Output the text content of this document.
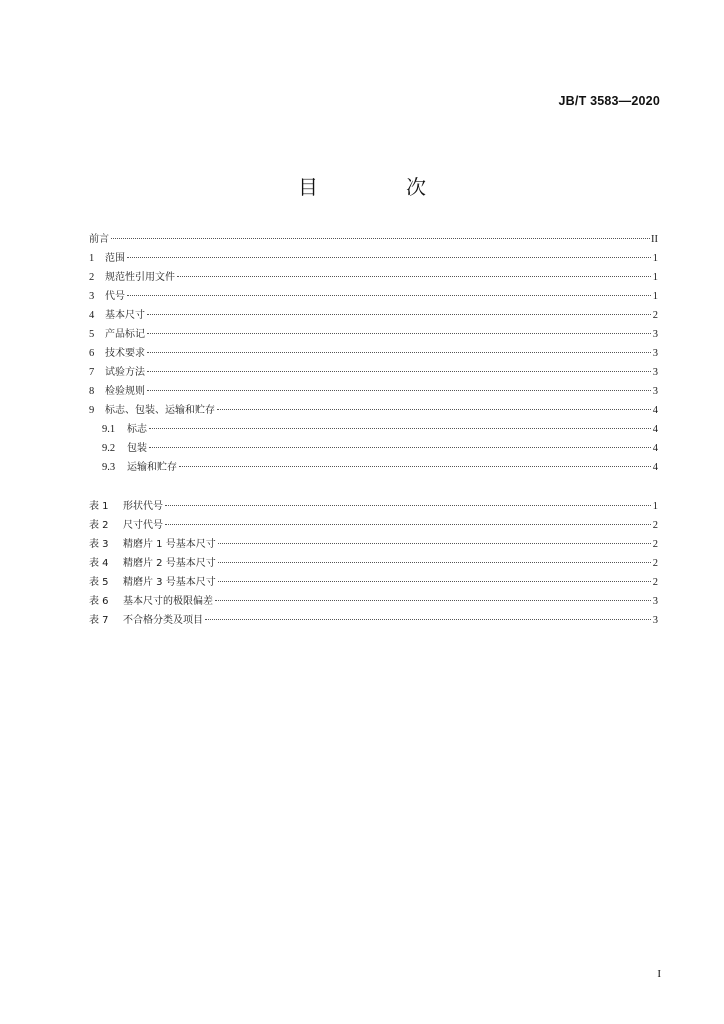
JB/T 3583—2020
目　次
前言	II
1	范围	1
2	规范性引用文件	1
3	代号	1
4	基本尺寸	2
5	产品标记	3
6	技术要求	3
7	试验方法	3
8	检验规则	3
9	标志、包装、运输和贮存	4
9.1	标志	4
9.2	包装	4
9.3	运输和贮存	4
表 1	形状代号	1
表 2	尺寸代号	2
表 3	精磨片 1 号基本尺寸	2
表 4	精磨片 2 号基本尺寸	2
表 5	精磨片 3 号基本尺寸	2
表 6	基本尺寸的极限偏差	3
表 7	不合格分类及项目	3
I
